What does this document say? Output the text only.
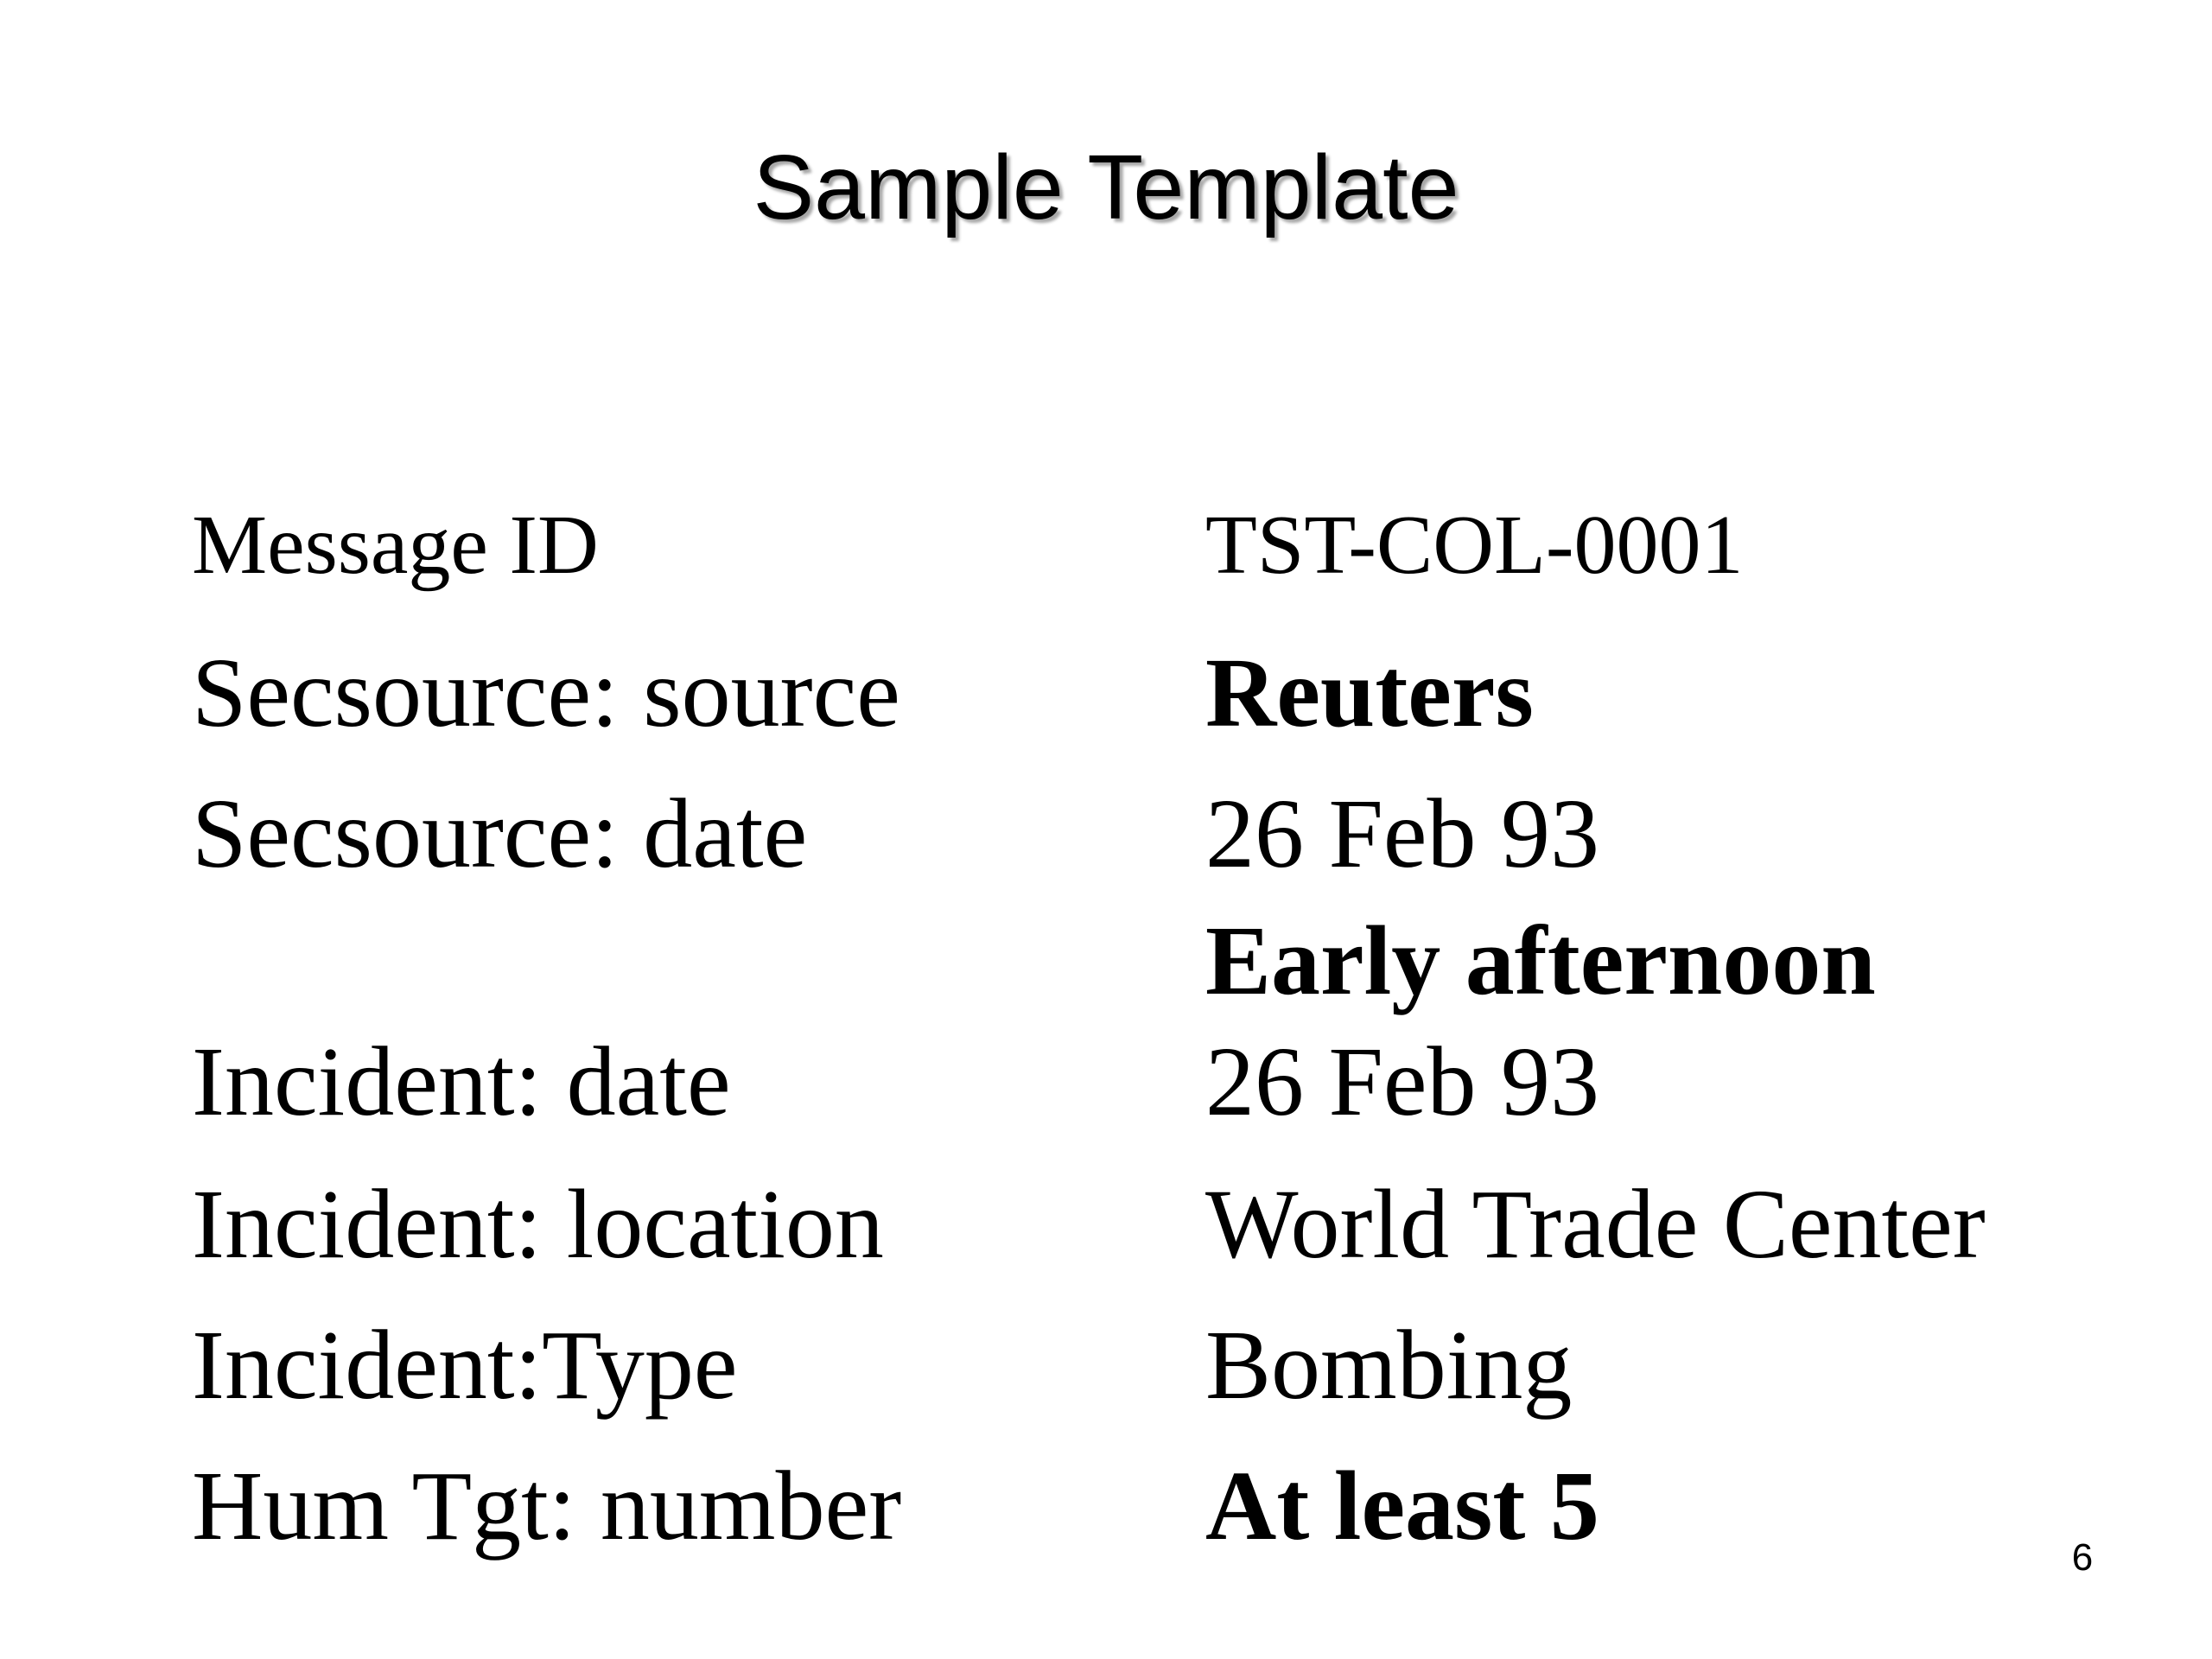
Sample Template
Message ID	TST-COL-0001
Secsource: source	Reuters
Secsource: date	26 Feb 93
Early afternoon
Incident: date	26 Feb 93
Incident: location	World Trade Center
Incident:Type	Bombing
Hum Tgt: number	At least 5	6
